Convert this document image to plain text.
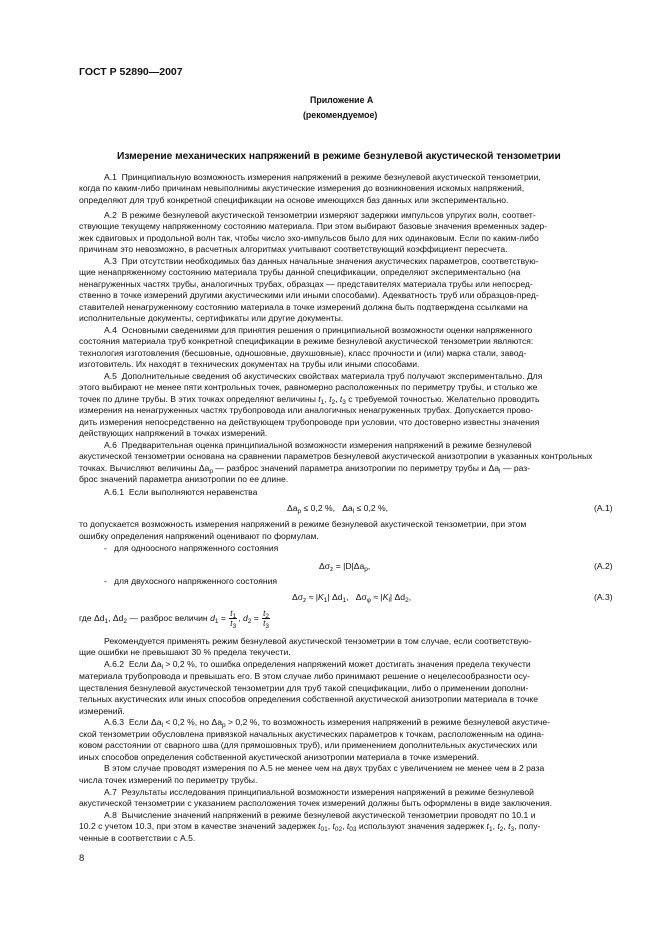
ГОСТ Р 52890—2007
Приложение А
(рекомендуемое)
Измерение механических напряжений в режиме безнулевой акустической тензометрии
А.1  Принципиальную возможность измерения напряжений в режиме безнулевой акустической тензометрии,
когда по каким-либо причинам невыполнимы акустические измерения до возникновения искомых напряжений,
определяют для труб конкретной спецификации на основе имеющихся баз данных или экспериментально.
А.2  В режиме безнулевой акустической тензометрии измеряют задержки импульсов упругих волн, соответ-
ствующие текущему напряженному состоянию материала. При этом выбирают базовые значения временных задер-
жек сдвиговых и продольной волн так, чтобы число эхо-импульсов было для них одинаковым. Если по каким-либо
причинам это невозможно, в расчетных алгоритмах учитывают соответствующий коэффициент пересчета.
А.3  При отсутствии необходимых баз данных начальные значения акустических параметров, соответствую-
щие ненапряженному состоянию материала трубы данной спецификации, определяют экспериментально (на
ненагруженных частях трубы, аналогичных трубах, образцах — представителях материала трубы или непосред-
ственно в точке измерений другими акустическими или иными способами). Адекватность труб или образцов-пред-
ставителей ненагруженному состоянию материала в точке измерений должна быть подтверждена ссылками на
исполнительные документы, сертификаты или другие документы.
А.4  Основными сведениями для принятия решения о принципиальной возможности оценки напряженного
состояния материала труб конкретной спецификации в режиме безнулевой акустической тензометрии являются:
технология изготовления (бесшовные, одношовные, двухшовные), класс прочности и (или) марка стали, завод-
изготовитель. Их находят в технических документах на трубы или иными способами.
А.5  Дополнительные сведения об акустических свойствах материала труб получают экспериментально. Для
этого выбирают не менее пяти контрольных точек, равномерно расположенных по периметру трубы, и столько же
точек по длине трубы. В этих точках определяют величины $t_1$, $t_2$, $t_3$ с требуемой точностью. Желательно проводить
измерения на ненагруженных частях трубопровода или аналогичных ненагруженных трубах. Допускается прово-
дить измерения непосредственно на действующем трубопроводе при условии, что достоверно известны значения
действующих напряжений в точках измерений.
А.6  Предварительная оценка принципиальной возможности измерения напряжений в режиме безнулевой
акустической тензометрии основана на сравнении параметров безнулевой акустической анизотропии в указанных контрольных
точках. Вычисляют величины $\Delta a_p$ — разброс значений параметра анизотропии по периметру трубы и $\Delta a_l$ — раз-
брос значений параметра анизотропии по ее длине.
А.6.1  Если выполняются неравенства
$\Delta a_p \le 0,2$ %, $\Delta a_l \le 0,2$ %,	(А.1)
то допускается возможность измерения напряжений в режиме безнулевой акустической тензометрии, при этом
ошибку определения напряжений оценивают по формулам.
-   для одноосного напряженного состояния
$\Delta\sigma_z = |D|\Delta a_p$,	(А.2)
-   для двухосного напряженного состояния
$\Delta\sigma_z \approx |K_1|$ $\Delta d_1$, $\Delta\sigma_\varphi \approx |K_l|$ $\Delta d_2$,	(А.3)
где $\Delta d_1$, $\Delta d_2$ — разброс величин $d_1 = \frac{t_1}{t_3}$ , $d_2 = \frac{t_2}{t_3}$
Рекомендуется применять режим безнулевой акустической тензометрии в том случае, если соответствую-
щие ошибки не превышают 30 % предела текучести.
А.6.2  Если $\Delta a_l > 0,2$ %, то ошибка определения напряжений может достигать значения предела текучести
материала трубопровода и превышать его. В этом случае либо принимают решение о нецелесообразности осу-
ществления безнулевой акустической тензометрии для труб такой спецификации, либо о применении дополни-
тельных акустических или иных способов определения собственной акустической анизотропии материала в точке
измерений.
А.6.3  Если $\Delta a_l < 0,2$ %, но $\Delta a_p > 0,2$ %, то возможность измерения напряжений в режиме безнулевой акустиче-
ской тензометрии обусловлена привязкой начальных акустических параметров к точкам, расположенным на одина-
ковом расстоянии от сварного шва (для прямошовных труб), или применением дополнительных акустических или
иных способов определения собственной акустической анизотропии материала в точке измерений.
В этом случае проводят измерения по А.5 не менее чем на двух трубах с увеличением не менее чем в 2 раза
числа точек измерений по периметру трубы.
А.7  Результаты исследования принципиальной возможности измерения напряжений в режиме безнулевой
акустической тензометрии с указанием расположения точек измерений должны быть оформлены в виде заключения.
А.8  Вычисление значений напряжений в режиме безнулевой акустической тензометрии проводят по 10.1 и
10.2 с учетом 10.3, при этом в качестве значений задержек $t_{01}$, $t_{02}$, $t_{03}$ используют значения задержек $t_1$, $t_2$, $t_3$, полу-
ченные в соответствии с А.5.
8
